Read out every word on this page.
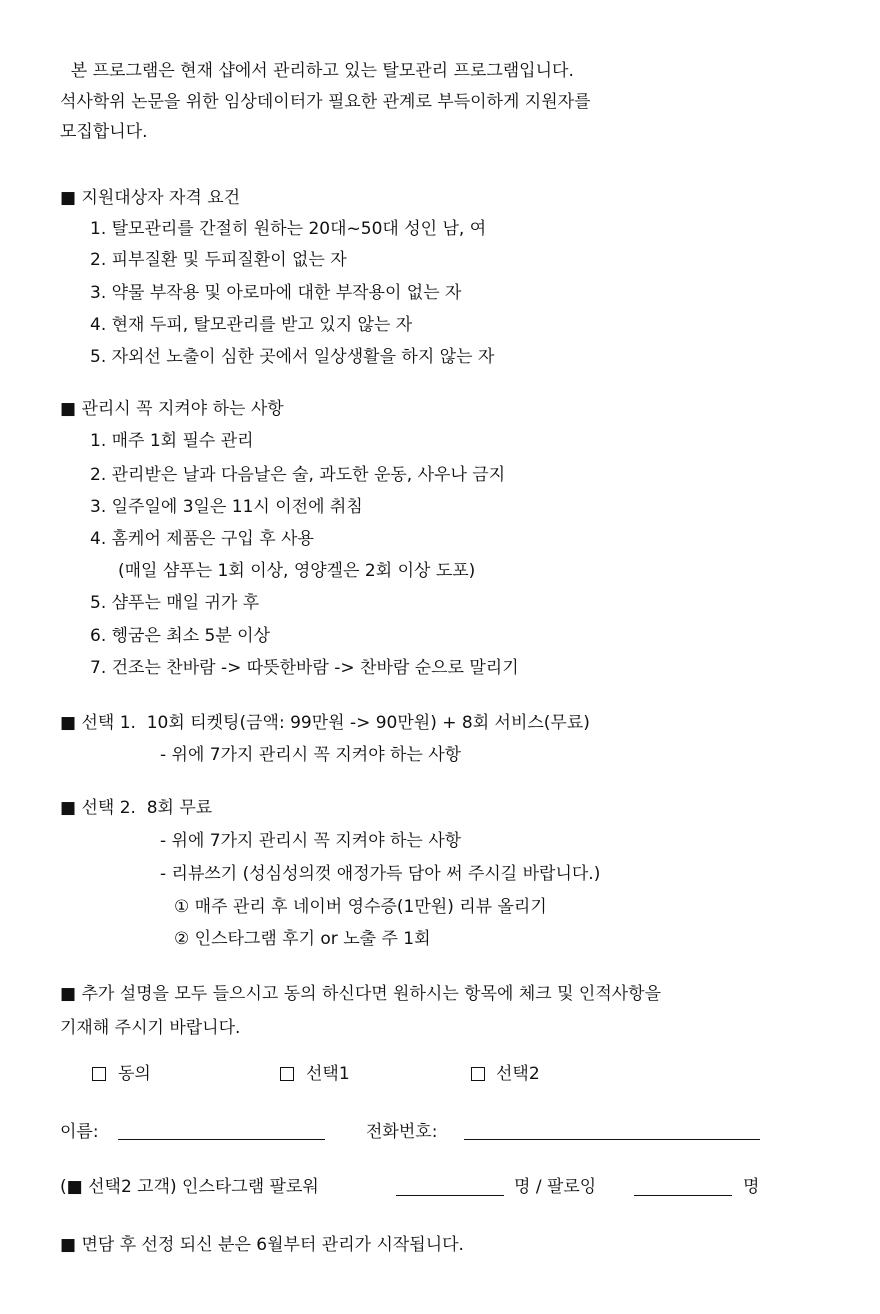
본 프로그램은 현재 샵에서 관리하고 있는 탈모관리 프로그램입니다.
석사학위 논문을 위한 임상데이터가 필요한 관계로 부득이하게 지원자를
모집합니다.
■ 지원대상자 자격 요건
1. 탈모관리를 간절히 원하는 20대~50대 성인 남, 여
2. 피부질환 및 두피질환이 없는 자
3. 약물 부작용 및 아로마에 대한 부작용이 없는 자
4. 현재 두피, 탈모관리를 받고 있지 않는 자
5. 자외선 노출이 심한 곳에서 일상생활을 하지 않는 자
■ 관리시 꼭 지켜야 하는 사항
1. 매주 1회 필수 관리
2. 관리받은 날과 다음날은 술, 과도한 운동, 사우나 금지
3. 일주일에 3일은 11시 이전에 취침
4. 홈케어 제품은 구입 후 사용
(매일 샴푸는 1회 이상, 영양겔은 2회 이상 도포)
5. 샴푸는 매일 귀가 후
6. 헹굼은 최소 5분 이상
7. 건조는 찬바람 -> 따뜻한바람 -> 찬바람 순으로 말리기
■ 선택 1.  10회 티켓팅(금액: 99만원 -> 90만원) + 8회 서비스(무료)
- 위에 7가지 관리시 꼭 지켜야 하는 사항
■ 선택 2.  8회 무료
- 위에 7가지 관리시 꼭 지켜야 하는 사항
- 리뷰쓰기 (성심성의껏 애정가득 담아 써 주시길 바랍니다.)
① 매주 관리 후 네이버 영수증(1만원) 리뷰 올리기
② 인스타그램 후기 or 노출 주 1회
■ 추가 설명을 모두 들으시고 동의 하신다면 원하시는 항목에 체크 및 인적사항을
기재해 주시기 바랍니다.
동의	선택1	선택2
이름:	전화번호:
(■ 선택2 고객) 인스타그램 팔로워	명 / 팔로잉	명
■ 면담 후 선정 되신 분은 6월부터 관리가 시작됩니다.
